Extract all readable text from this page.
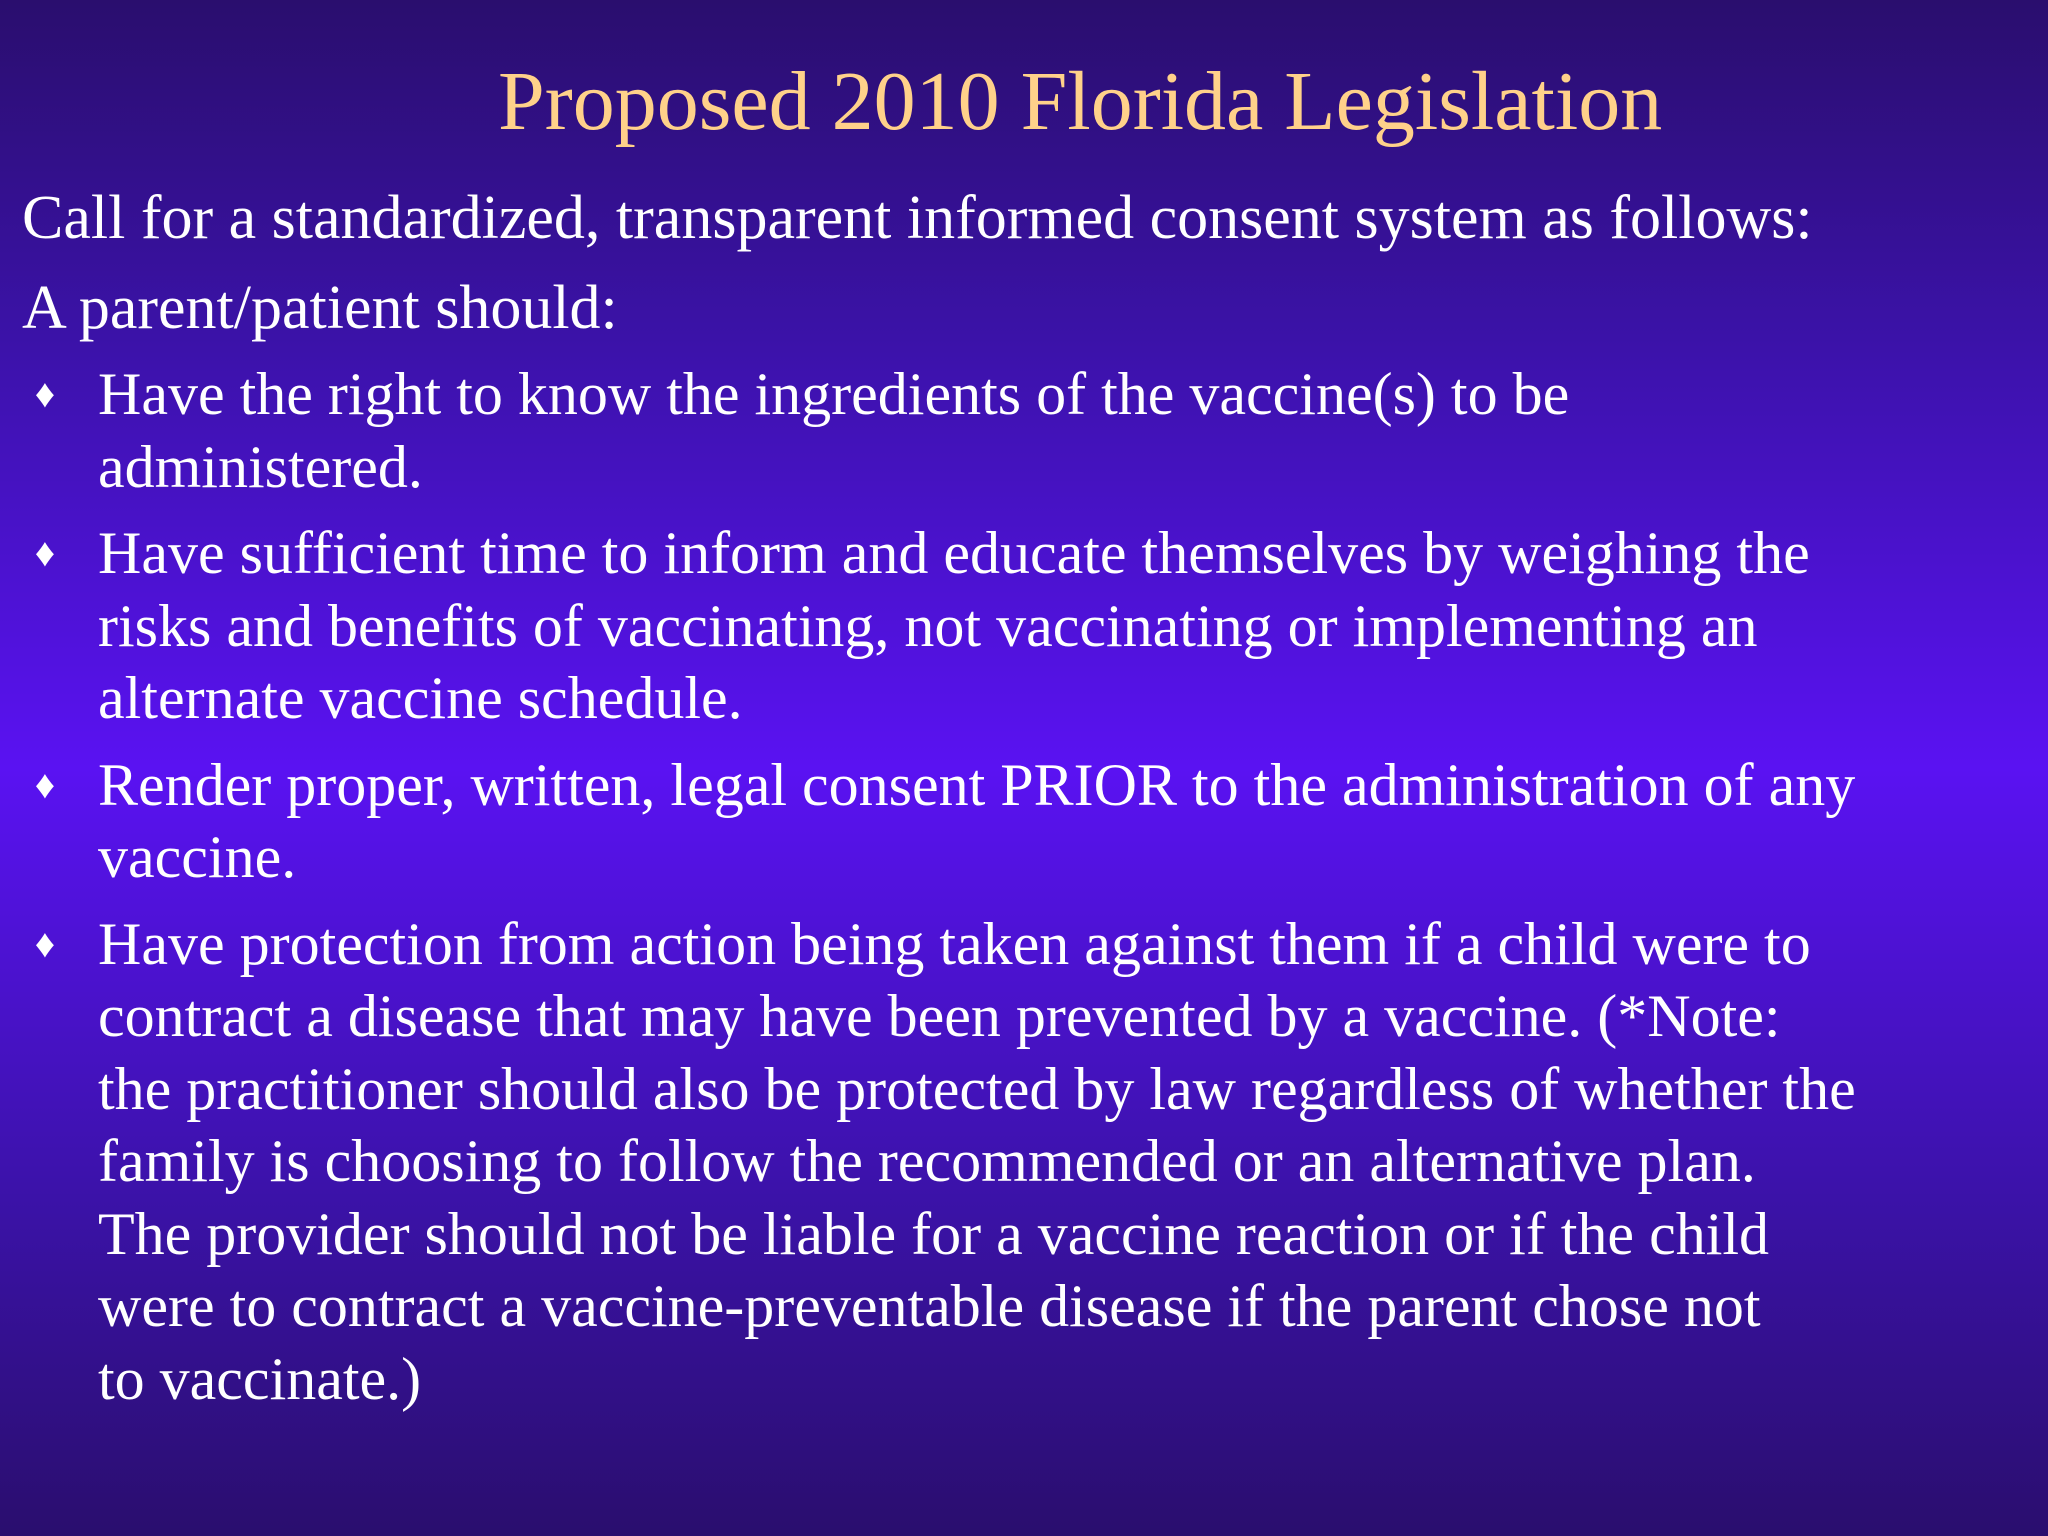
Proposed 2010 Florida Legislation
Call for a standardized, transparent informed consent system as follows:
A parent/patient should:
♦ Have the right to know the ingredients of the vaccine(s) to be
administered.
♦ Have sufficient time to inform and educate themselves by weighing the
risks and benefits of vaccinating, not vaccinating or implementing an
alternate vaccine schedule.
♦ Render proper, written, legal consent PRIOR to the administration of any
vaccine.
♦ Have protection from action being taken against them if a child were to
contract a disease that may have been prevented by a vaccine. (*Note:
the practitioner should also be protected by law regardless of whether the
family is choosing to follow the recommended or an alternative plan.
The provider should not be liable for a vaccine reaction or if the child
were to contract a vaccine-preventable disease if the parent chose not
to vaccinate.)
